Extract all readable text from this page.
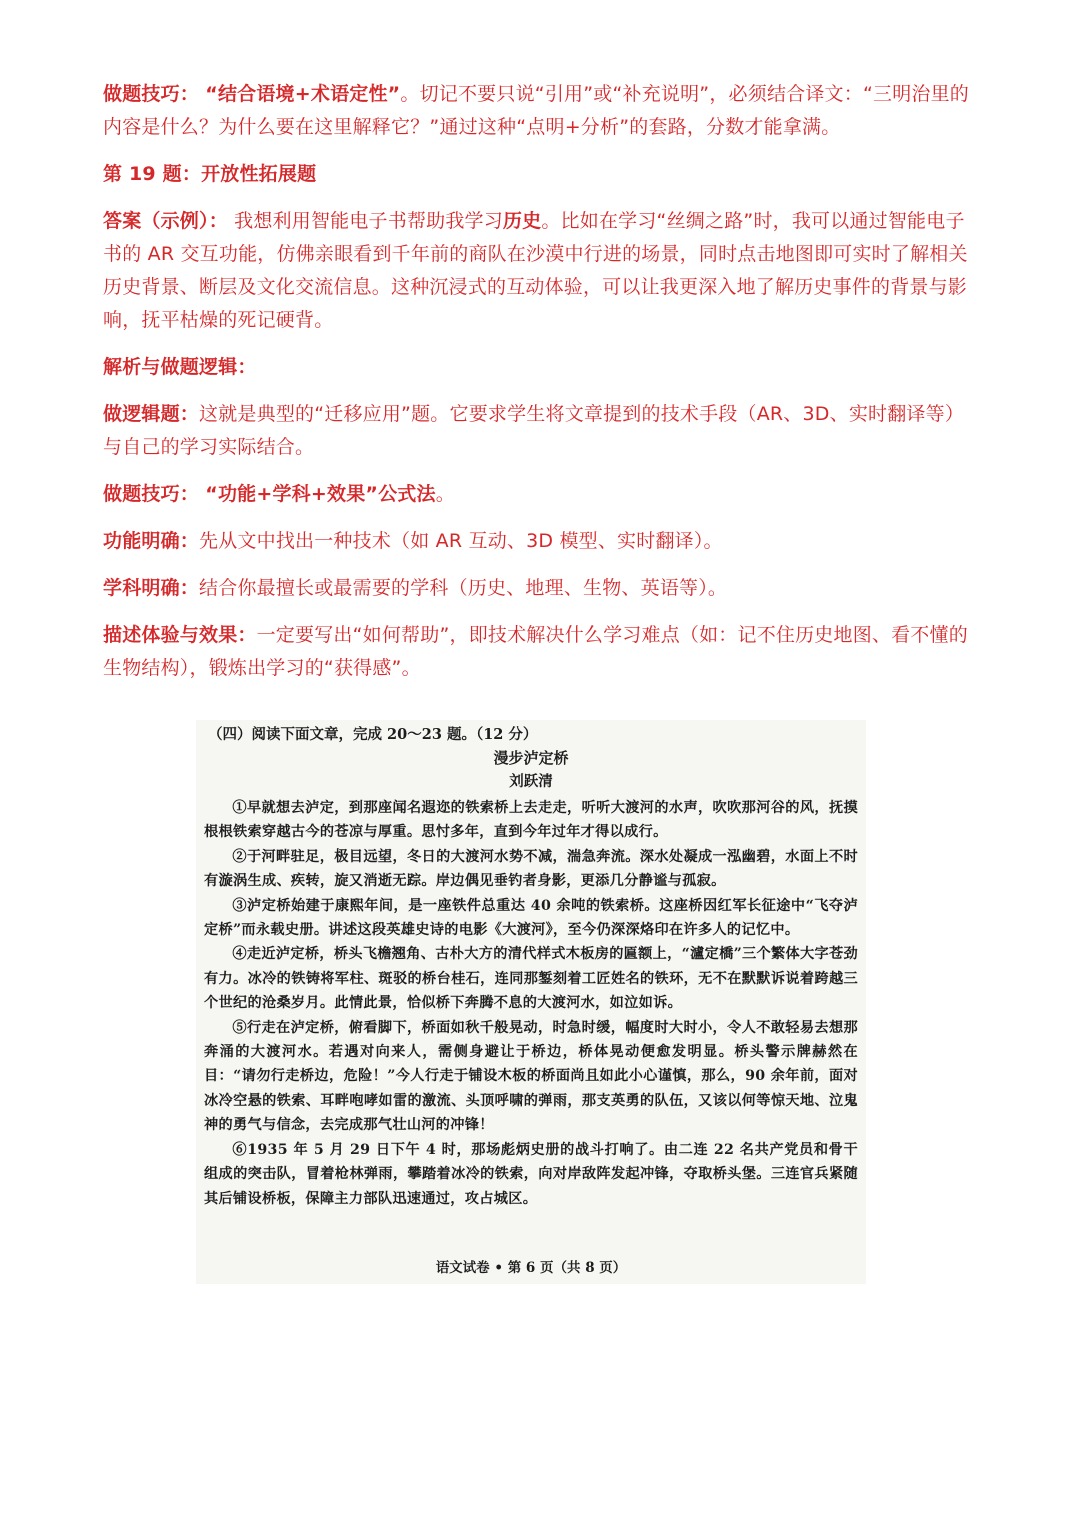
做题技巧： “结合语境+术语定性”。切记不要只说“引用”或“补充说明”，必须结合译文：“三明治里的内容是什么？为什么要在这里解释它？”通过这种“点明+分析”的套路，分数才能拿满。

第 19 题：开放性拓展题

答案（示例）： 我想利用智能电子书帮助我学习历史。比如在学习“丝绸之路”时，我可以通过智能电子书的 AR 交互功能，仿佛亲眼看到千年前的商队在沙漠中行进的场景，同时点击地图即可实时了解相关历史背景、断层及文化交流信息。这种沉浸式的互动体验，可以让我更深入地了解历史事件的背景与影响，抚平枯燥的死记硬背。

解析与做题逻辑：

做逻辑题：这就是典型的“迁移应用”题。它要求学生将文章提到的技术手段（AR、3D、实时翻译等）与自己的学习实际结合。

做题技巧： “功能+学科+效果”公式法。

功能明确：先从文中找出一种技术（如 AR 互动、3D 模型、实时翻译）。

学科明确：结合你最擅长或最需要的学科（历史、地理、生物、英语等）。

描述体验与效果：一定要写出“如何帮助”，即技术解决什么学习难点（如：记不住历史地图、看不懂的生物结构），锻炼出学习的“获得感”。

（四）阅读下面文章，完成 20～23 题。（12 分）
漫步泸定桥
刘跃清

①早就想去泸定，到那座闻名遐迩的铁索桥上去走走，听听大渡河的水声，吹吹那河谷的风，抚摸根根铁索穿越古今的苍凉与厚重。思忖多年，直到今年过年才得以成行。

②于河畔驻足，极目远望，冬日的大渡河水势不减，湍急奔流。深水处凝成一泓幽碧，水面上不时有漩涡生成、疾转，旋又消逝无踪。岸边偶见垂钓者身影，更添几分静谧与孤寂。

③泸定桥始建于康熙年间，是一座铁件总重达 40 余吨的铁索桥。这座桥因红军长征途中“飞夺泸定桥”而永载史册。讲述这段英雄史诗的电影《大渡河》，至今仍深深烙印在许多人的记忆中。

④走近泸定桥，桥头飞檐翘角、古朴大方的清代样式木板房的匾额上，“瀘定橋”三个繁体大字苍劲有力。冰冷的铁铸将军柱、斑驳的桥台桂石，连同那錾刻着工匠姓名的铁环，无不在默默诉说着跨越三个世纪的沧桑岁月。此情此景，恰似桥下奔腾不息的大渡河水，如泣如诉。

⑤行走在泸定桥，俯看脚下，桥面如秋千般晃动，时急时缓，幅度时大时小，令人不敢轻易去想那奔涌的大渡河水。若遇对向来人，需侧身避让于桥边，桥体晃动便愈发明显。桥头警示牌赫然在目：“请勿行走桥边，危险！”今人行走于铺设木板的桥面尚且如此小心谨慎，那么，90 余年前，面对冰冷空悬的铁索、耳畔咆哮如雷的激流、头顶呼啸的弹雨，那支英勇的队伍，又该以何等惊天地、泣鬼神的勇气与信念，去完成那气壮山河的冲锋！

⑥1935 年 5 月 29 日下午 4 时，那场彪炳史册的战斗打响了。由二连 22 名共产党员和骨干组成的突击队，冒着枪林弹雨，攀踏着冰冷的铁索，向对岸敌阵发起冲锋，夺取桥头堡。三连官兵紧随其后铺设桥板，保障主力部队迅速通过，攻占城区。

语文试卷 • 第 6 页（共 8 页）
